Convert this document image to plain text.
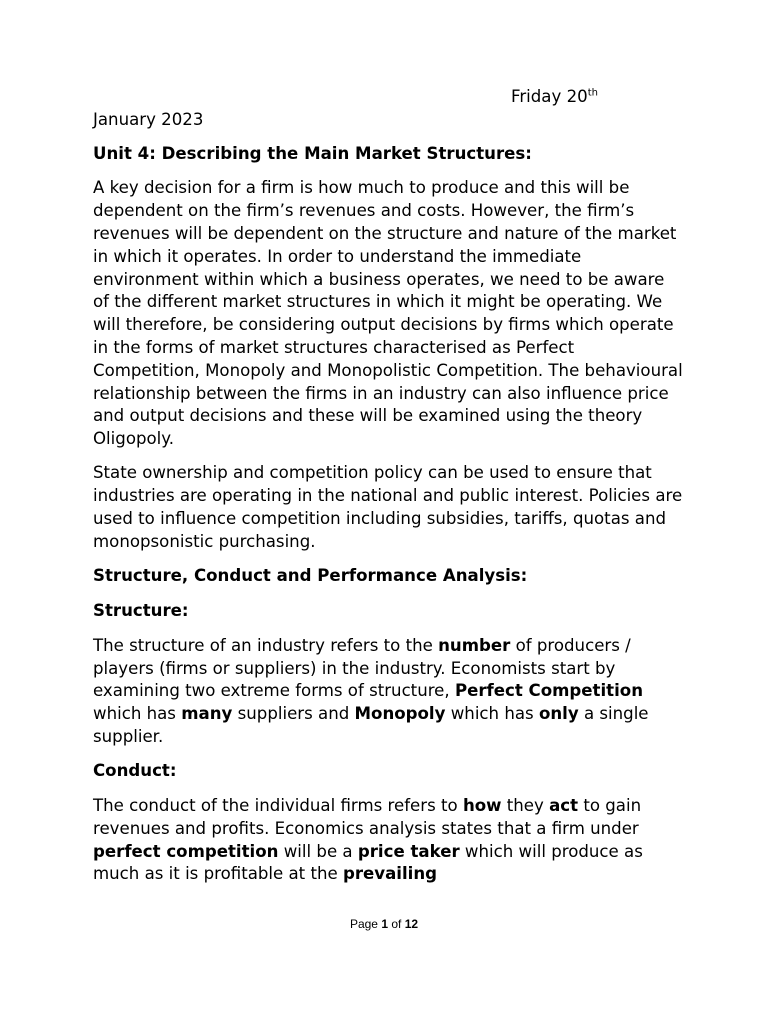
Friday 20th
January 2023
Unit 4: Describing the Main Market Structures:

A key decision for a firm is how much to produce and this will be dependent on the firm’s revenues and costs. However, the firm’s revenues will be dependent on the structure and nature of the market in which it operates. In order to understand the immediate environment within which a business operates, we need to be aware of the different market structures in which it might be operating. We will therefore, be considering output decisions by firms which operate in the forms of market structures characterised as Perfect Competition, Monopoly and Monopolistic Competition. The behavioural relationship between the firms in an industry can also influence price and output decisions and these will be examined using the theory Oligopoly.

State ownership and competition policy can be used to ensure that industries are operating in the national and public interest. Policies are used to influence competition including subsidies, tariffs, quotas and monopsonistic purchasing.

Structure, Conduct and Performance Analysis:
Structure:

The structure of an industry refers to the number of producers / players (firms or suppliers) in the industry. Economists start by examining two extreme forms of structure, Perfect Competition which has many suppliers and Monopoly which has only a single supplier.

Conduct:

The conduct of the individual firms refers to how they act to gain revenues and profits. Economics analysis states that a firm under perfect competition will be a price taker which will produce as much as it is profitable at the prevailing

Page 1 of 12
